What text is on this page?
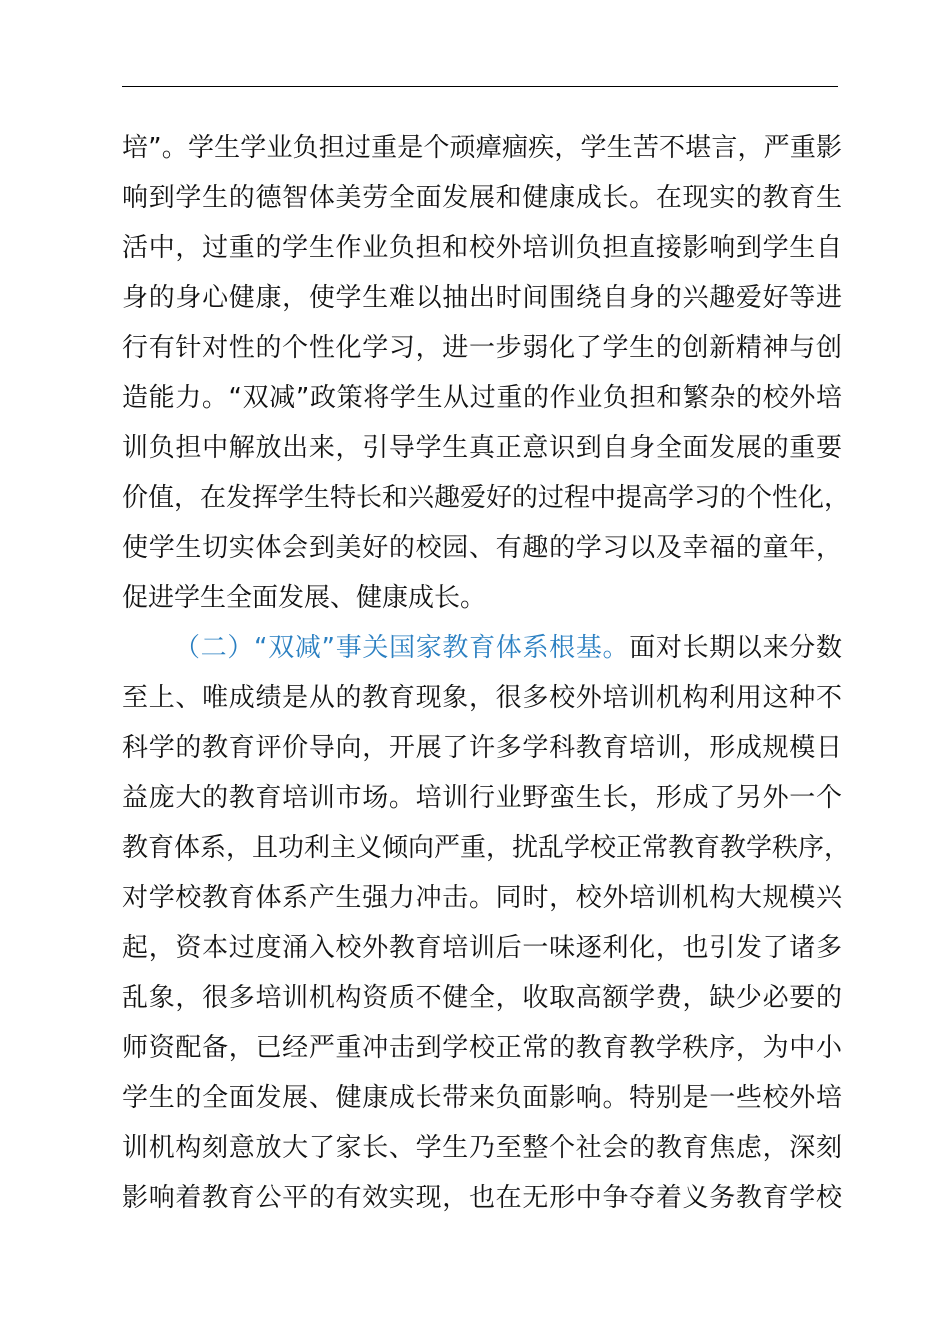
培”。学生学业负担过重是个顽瘴痼疾，学生苦不堪言，严重影
响到学生的德智体美劳全面发展和健康成长。在现实的教育生
活中，过重的学生作业负担和校外培训负担直接影响到学生自
身的身心健康，使学生难以抽出时间围绕自身的兴趣爱好等进
行有针对性的个性化学习，进一步弱化了学生的创新精神与创
造能力。“双减”政策将学生从过重的作业负担和繁杂的校外培
训负担中解放出来，引导学生真正意识到自身全面发展的重要
价值，在发挥学生特长和兴趣爱好的过程中提高学习的个性化，
使学生切实体会到美好的校园、有趣的学习以及幸福的童年，
促进学生全面发展、健康成长。
（二）“双减”事关国家教育体系根基。面对长期以来分数
至上、唯成绩是从的教育现象，很多校外培训机构利用这种不
科学的教育评价导向，开展了许多学科教育培训，形成规模日
益庞大的教育培训市场。培训行业野蛮生长，形成了另外一个
教育体系，且功利主义倾向严重，扰乱学校正常教育教学秩序，
对学校教育体系产生强力冲击。同时，校外培训机构大规模兴
起，资本过度涌入校外教育培训后一味逐利化，也引发了诸多
乱象，很多培训机构资质不健全，收取高额学费，缺少必要的
师资配备，已经严重冲击到学校正常的教育教学秩序，为中小
学生的全面发展、健康成长带来负面影响。特别是一些校外培
训机构刻意放大了家长、学生乃至整个社会的教育焦虑，深刻
影响着教育公平的有效实现，也在无形中争夺着义务教育学校
